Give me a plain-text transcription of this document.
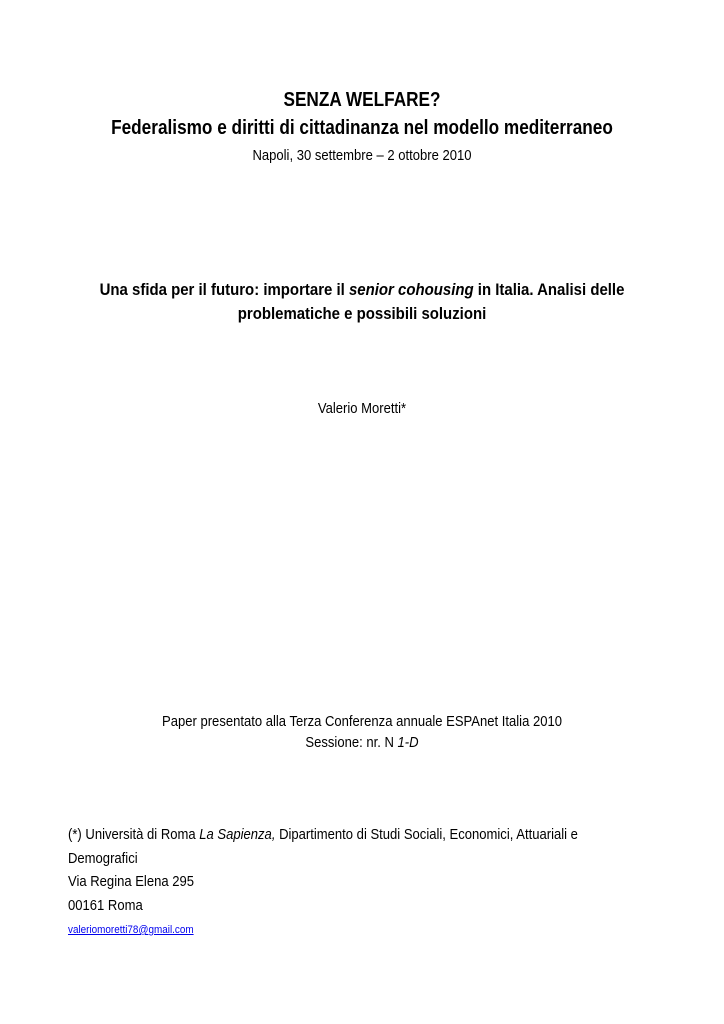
SENZA WELFARE?
Federalismo e diritti di cittadinanza nel modello mediterraneo
Napoli, 30 settembre – 2 ottobre 2010
Una sfida per il futuro: importare il senior cohousing in Italia. Analisi delle problematiche e possibili soluzioni
Valerio Moretti*
Paper presentato alla Terza Conferenza annuale ESPAnet Italia 2010
Sessione: nr. N 1-D
(*) Università di Roma La Sapienza, Dipartimento di Studi Sociali, Economici, Attuariali e
Demografici
Via Regina Elena 295
00161 Roma
valeriomoretti78@gmail.com
